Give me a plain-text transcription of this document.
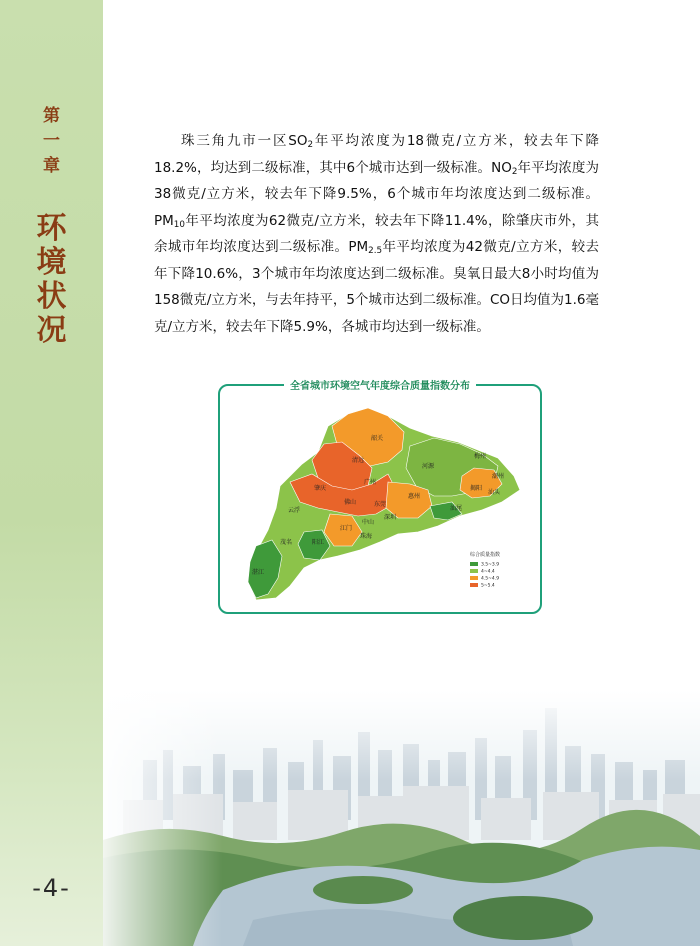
第
一
章
环
境
状
况
-4-

珠三角九市一区$SO_2$年平均浓度为18微克/立方米，较去年下降18.2%，均达到二级标准，其中6个城市达到一级标准。$NO_2$年平均浓度为38微克/立方米，较去年下降9.5%，6个城市年均浓度达到二级标准。$PM_{10}$年平均浓度为62微克/立方米，较去年下降11.4%，除肇庆市外，其余城市年均浓度达到二级标准。$PM_{2.5}$年平均浓度为42微克/立方米，较去年下降10.6%，3个城市年均浓度达到二级标准。臭氧日最大8小时均值为158微克/立方米，与去年持平，5个城市达到二级标准。CO日均值为1.6毫克/立方米，较去年下降5.9%，各城市均达到一级标准。

全省城市环境空气年度综合质量指数分布
韶关
清远
河源
梅州
潮州
肇庆
广州
惠州
揭阳
汕头
云浮
佛山	东莞
汕尾
江门
中山
深圳
茂名	阳江
珠海
湛江
综合质量指数
3.5~3.9
4~4.4
4.5~4.9
5~5.4
